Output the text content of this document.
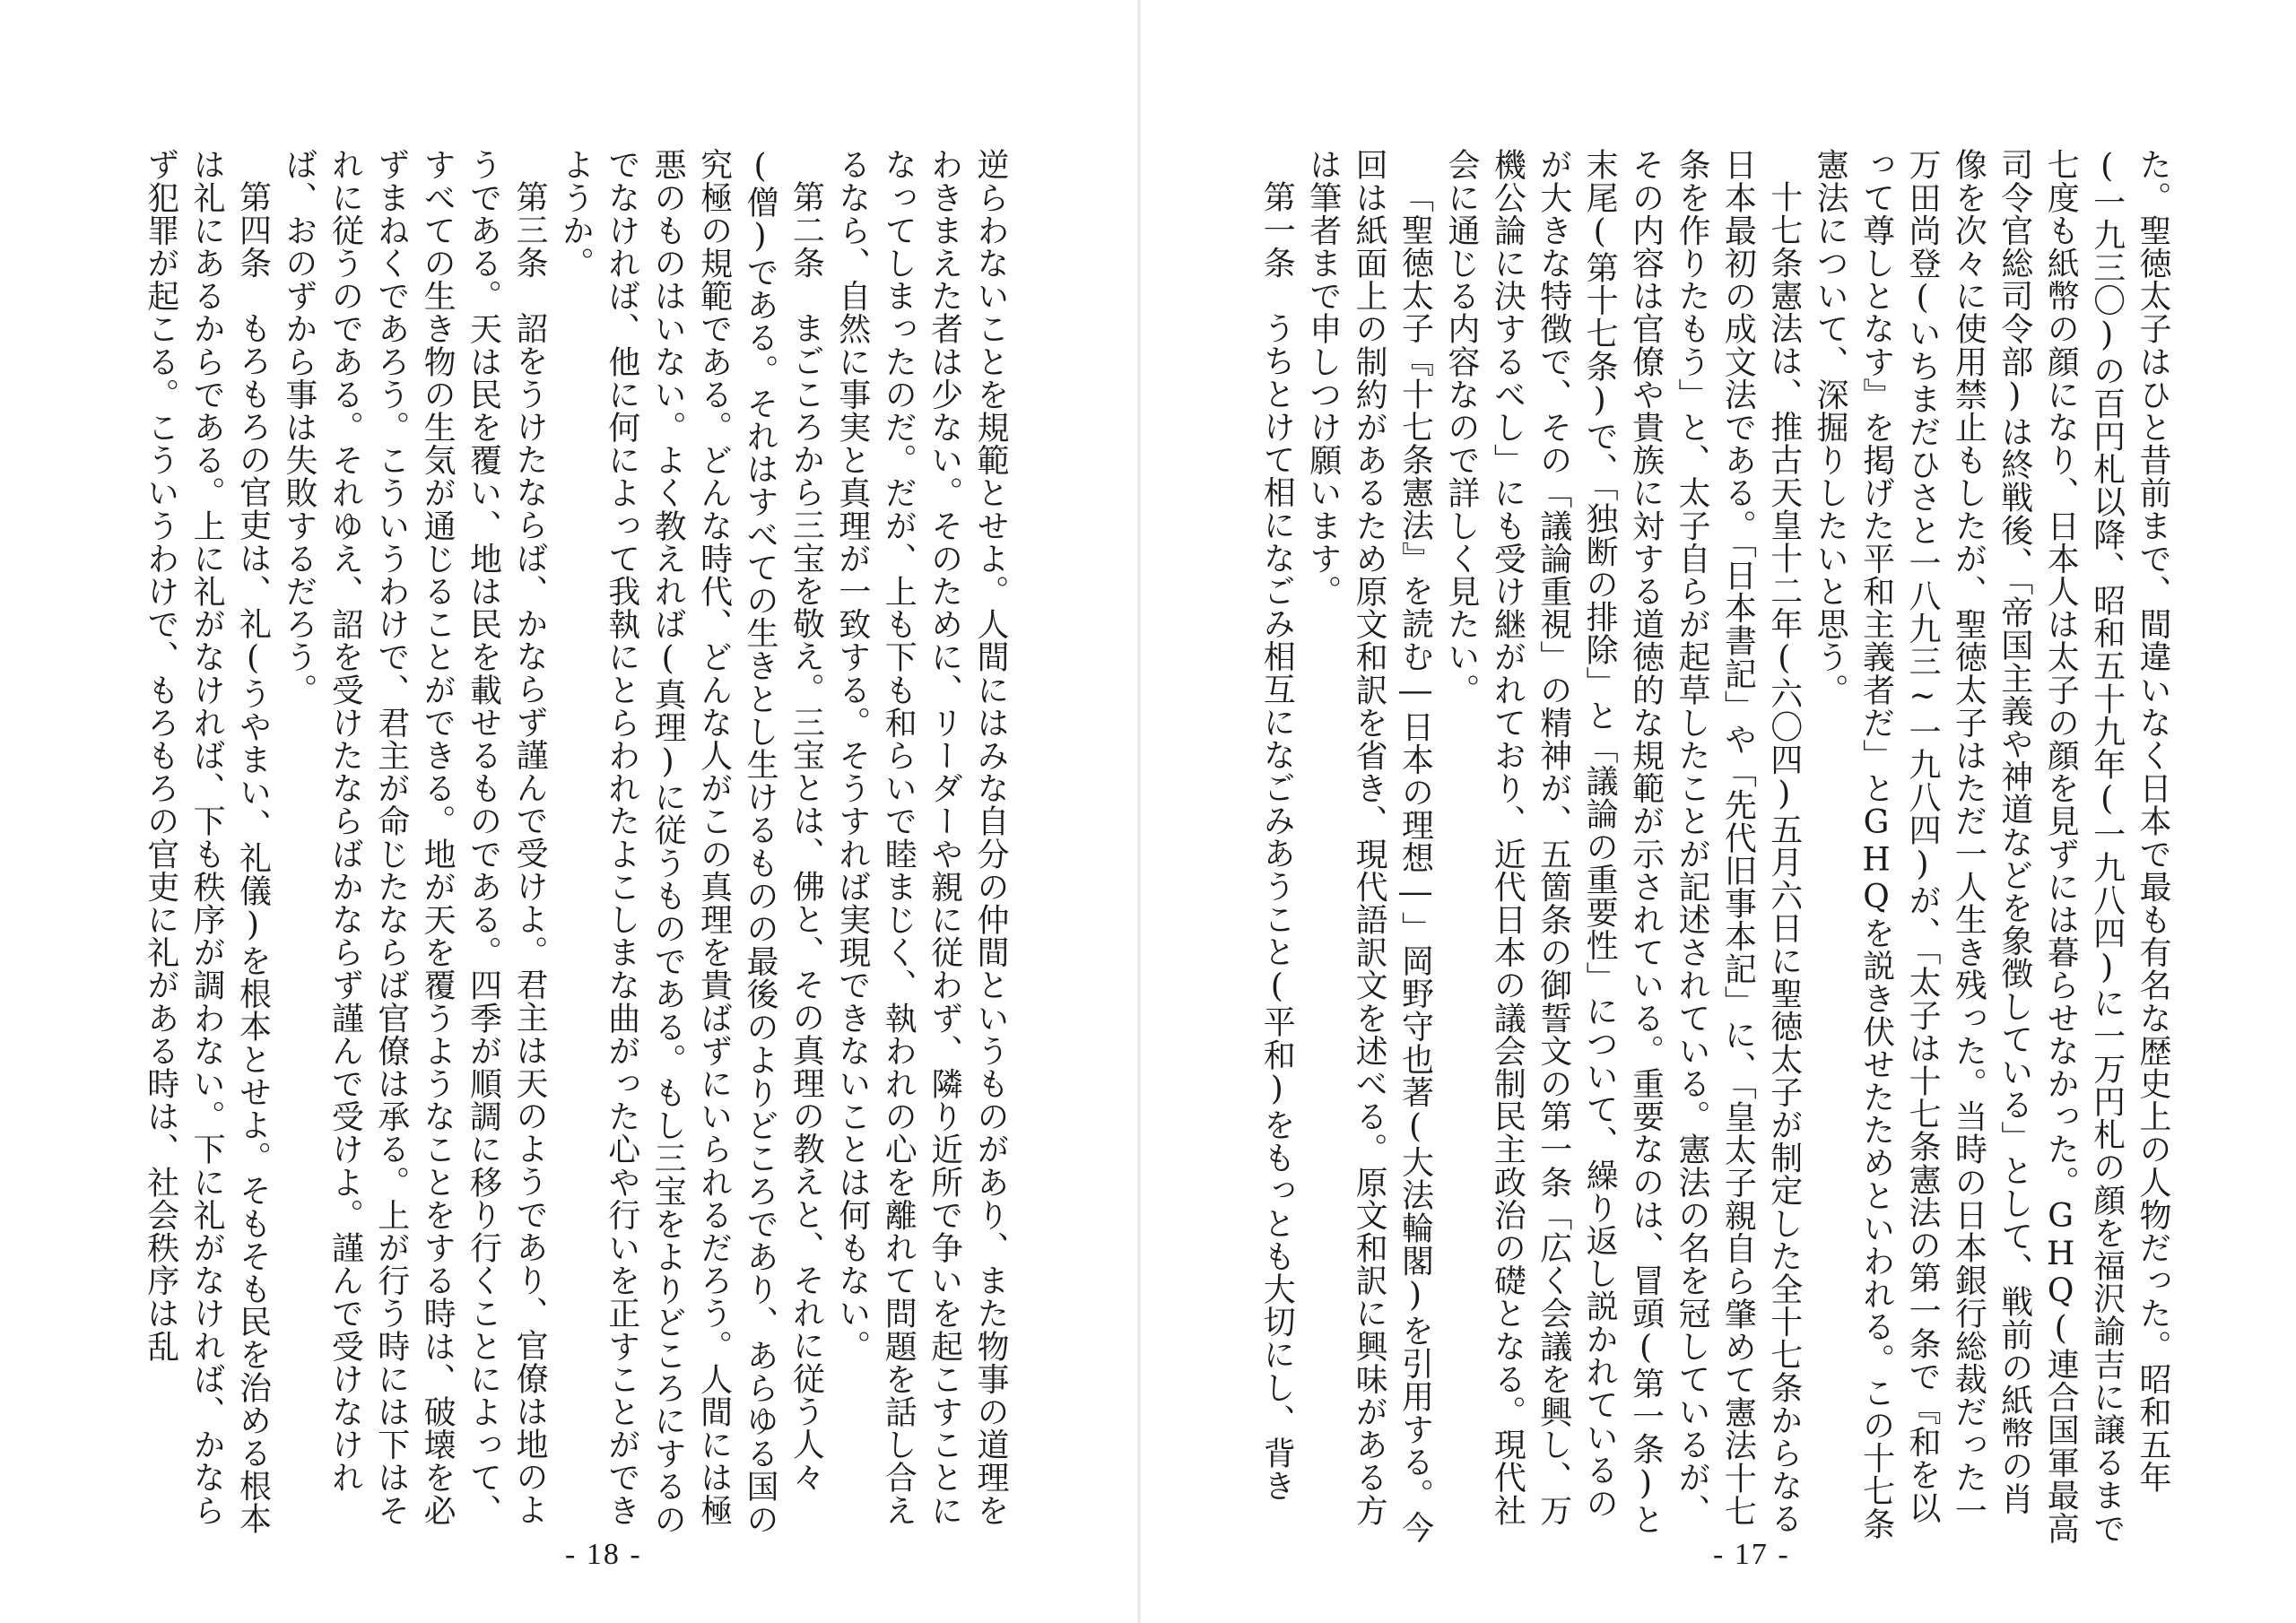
逆らわないことを規範とせよ。人間にはみな自分の仲間というものがあり、また物事の道理をわきまえた者は少ない。そのために、リーダーや親に従わず、隣り近所で争いを起こすことになってしまったのだ。だが、上も下も和らいで睦まじく、執われの心を離れて問題を話し合えるなら、自然に事実と真理が一致する。そうすれば実現できないことは何もない。

第二条　まごころから三宝を敬え。三宝とは、佛と、その真理の教えと、それに従う人々(僧)である。それはすべての生きとし生けるものの最後のよりどころであり、あらゆる国の究極の規範である。どんな時代、どんな人がこの真理を貴ばずにいられるだろう。人間には極悪のものはいない。よく教えれば(真理)に従うものである。もし三宝をよりどころにするのでなければ、他に何によって我執にとらわれたよこしまな曲がった心や行いを正すことができようか。

第三条　詔をうけたならば、かならず謹んで受けよ。君主は天のようであり、官僚は地のようである。天は民を覆い、地は民を載せるものである。四季が順調に移り行くことによって、すべての生き物の生気が通じることができる。地が天を覆うようなことをする時は、破壊を必ずまねくであろう。こういうわけで、君主が命じたならば官僚は承る。上が行う時には下はそれに従うのである。それゆえ、詔を受けたならばかならず謹んで受けよ。謹んで受けなければ、おのずから事は失敗するだろう。

第四条　もろもろの官吏は、礼(うやまい、礼儀)を根本とせよ。そもそも民を治める根本は礼にあるからである。上に礼がなければ、下も秩序が調わない。下に礼がなければ、かならず犯罪が起こる。こういうわけで、もろもろの官吏に礼がある時は、社会秩序は乱

- 18 -

た。聖徳太子はひと昔前まで、間違いなく日本で最も有名な歴史上の人物だった。昭和五年(一九三〇)の百円札以降、昭和五十九年(一九八四)に一万円札の顔を福沢諭吉に譲るまで七度も紙幣の顔になり、日本人は太子の顔を見ずには暮らせなかった。GHQ(連合国軍最高司令官総司令部)は終戦後、「帝国主義や神道などを象徴している」として、戦前の紙幣の肖像を次々に使用禁止もしたが、聖徳太子はただ一人生き残った。当時の日本銀行総裁だった一万田尚登(いちまだひさと一八九三~一九八四)が、「太子は十七条憲法の第一条で『和を以って尊しとなす』を掲げた平和主義者だ」とGHQを説き伏せたためといわれる。この十七条憲法について、深掘りしたいと思う。

十七条憲法は、推古天皇十二年(六〇四)五月六日に聖徳太子が制定した全十七条からなる日本最初の成文法である。「日本書記」や「先代旧事本記」に、「皇太子親自ら肇めて憲法十七条を作りたもう」と、太子自らが起草したことが記述されている。憲法の名を冠しているが、その内容は官僚や貴族に対する道徳的な規範が示されている。重要なのは、冒頭(第一条)と末尾(第十七条)で、「独断の排除」と「議論の重要性」について、繰り返し説かれているのが大きな特徴で、その「議論重視」の精神が、五箇条の御誓文の第一条「広く会議を興し、万機公論に決するべし」にも受け継がれており、近代日本の議会制民主政治の礎となる。現代社会に通じる内容なので詳しく見たい。

「聖徳太子『十七条憲法』を読む―日本の理想―」岡野守也著(大法輪閣)を引用する。今回は紙面上の制約があるため原文和訳を省き、現代語訳文を述べる。原文和訳に興味がある方は筆者まで申しつけ願います。

第一条　うちとけて相になごみ相互になごみあうこと(平和)をもっとも大切にし、背き

- 17 -
